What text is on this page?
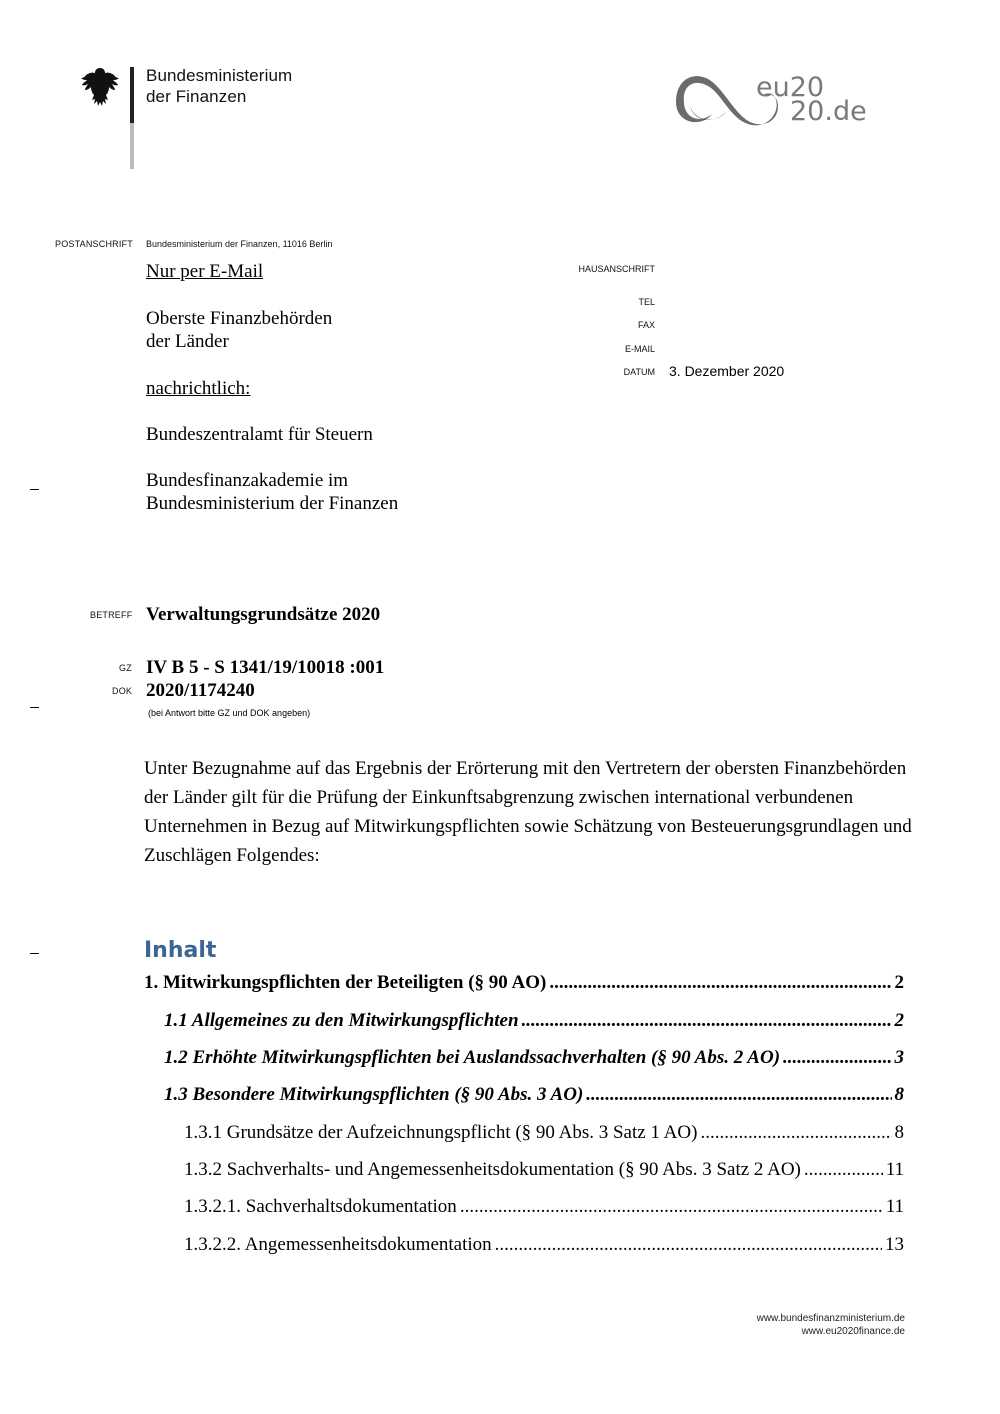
Bundesministerium
der Finanzen	eu20
20.de
POSTANSCHRIFT Bundesministerium der Finanzen, 11016 Berlin
Nur per E-Mail
Oberste Finanzbehörden
der Länder
nachrichtlich:
Bundeszentralamt für Steuern
Bundesfinanzakademie im
Bundesministerium der Finanzen
HAUSANSCHRIFT
TEL
FAX
E-MAIL
DATUM 3. Dezember 2020
BETREFF Verwaltungsgrundsätze 2020
GZ IV B 5 - S 1341/19/10018 :001
DOK 2020/1174240
(bei Antwort bitte GZ und DOK angeben)
Unter Bezugnahme auf das Ergebnis der Erörterung mit den Vertretern der obersten Finanzbehörden der Länder gilt für die Prüfung der Einkunftsabgrenzung zwischen international verbundenen Unternehmen in Bezug auf Mitwirkungspflichten sowie Schätzung von Besteuerungsgrundlagen und Zuschlägen Folgendes:
Inhalt
1. Mitwirkungspflichten der Beteiligten (§ 90 AO) .....	2
1.1 Allgemeines zu den Mitwirkungspflichten .....	2
1.2 Erhöhte Mitwirkungspflichten bei Auslandssachverhalten (§ 90 Abs. 2 AO) .....	3
1.3 Besondere Mitwirkungspflichten (§ 90 Abs. 3 AO) .....	8
1.3.1 Grundsätze der Aufzeichnungspflicht (§ 90 Abs. 3 Satz 1 AO) .....	8
1.3.2 Sachverhalts- und Angemessenheitsdokumentation (§ 90 Abs. 3 Satz 2 AO) .....	11
1.3.2.1. Sachverhaltsdokumentation .....	11
1.3.2.2. Angemessenheitsdokumentation .....	13
www.bundesfinanzministerium.de
www.eu2020finance.de
